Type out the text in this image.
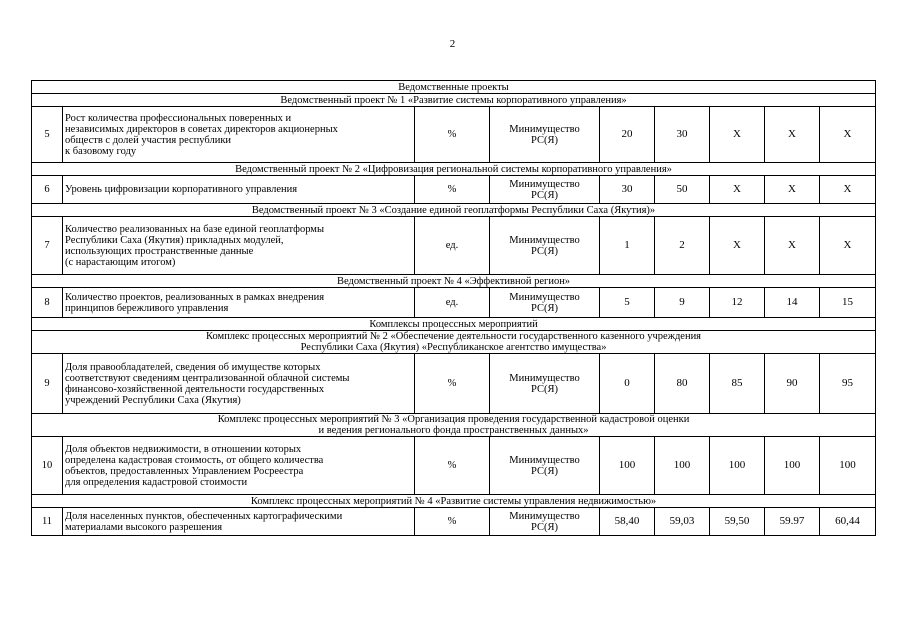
2
Ведомственные проекты								
Ведомственный проект № 1 «Развитие системы корпоративного управления»								
5	Рост количества профессиональных поверенных и
независимых директоров в советах директоров акционерных
обществ с долей участия республики
к базовому году	%	Минимущество
РС(Я)	20	30	X	X	X
Ведомственный проект № 2 «Цифровизация региональной системы корпоративного управления»								
6	Уровень цифровизации корпоративного управления	%	Минимущество
РС(Я)	30	50	X	X	X
Ведомственный проект № 3 «Создание единой геоплатформы Республики Саха (Якутия)»								
7	Количество реализованных на базе единой геоплатформы
Республики Саха (Якутия) прикладных модулей,
использующих пространственные данные
(с нарастающим итогом)	ед.	Минимущество
РС(Я)	1	2	X	X	X
Ведомственный проект № 4 «Эффективной регион»								
8	Количество проектов, реализованных в рамках внедрения
принципов бережливого управления	ед.	Минимущество
РС(Я)	5	9	12	14	15
Комплексы процессных мероприятий								

Комплекс процессных мероприятий № 2 «Обеспечение деятельности государственного казенного учреждения
Республики Саха (Якутия) «Республиканское агентство имущества»								

9	Доля правообладателей, сведения об имуществе которых
соответствуют сведениям централизованной облачной системы
финансово-хозяйственной деятельности государственных
учреждений Республики Саха (Якутия)	%	Минимущество
РС(Я)	0	80	85	90	95

Комплекс процессных мероприятий № 3 «Организация проведения государственной кадастровой оценки
и ведения регионального фонда пространственных данных»								

10	Доля объектов недвижимости, в отношении которых
определена кадастровая стоимость, от общего количества
объектов, предоставленных Управлением Росреестра
для определения кадастровой стоимости	%	Минимущество
РС(Я)	100	100	100	100	100
Комплекс процессных мероприятий № 4 «Развитие системы управления недвижимостью»								
11	Доля населенных пунктов, обеспеченных картографическими
материалами высокого разрешения	%	Минимущество
РС(Я)	58,40	59,03	59,50	59.97	60,44
